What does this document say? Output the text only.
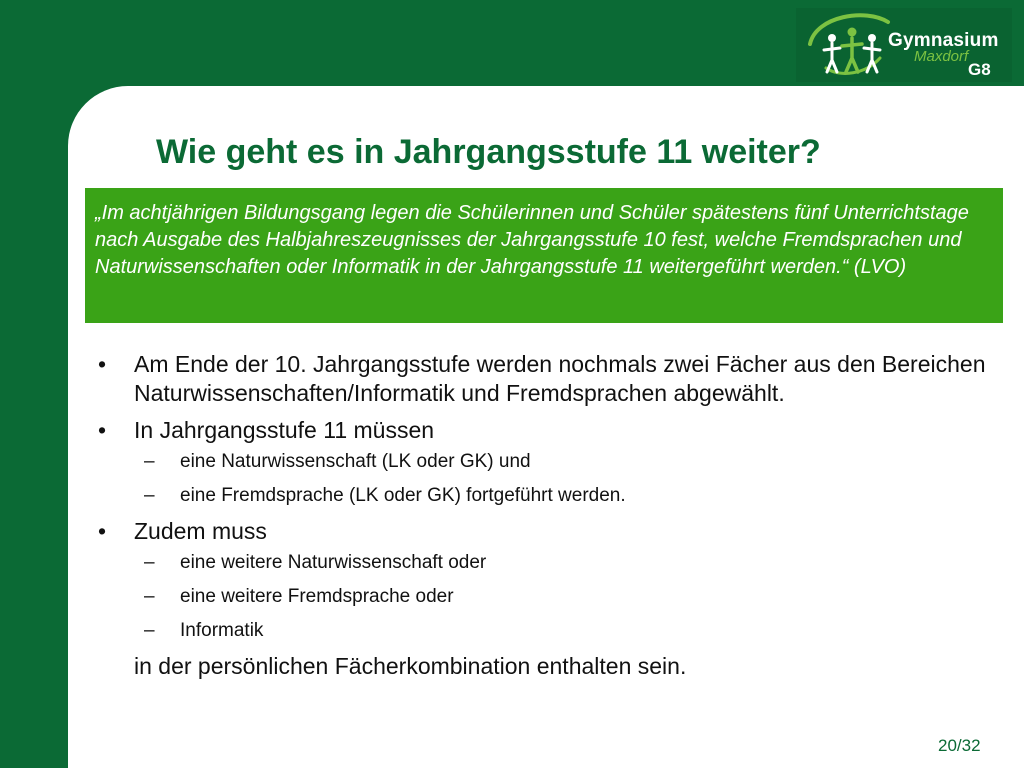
Gymnasium
Maxdorf
G8
Wie geht es in Jahrgangsstufe 11 weiter?

„Im achtjährigen Bildungsgang legen die Schülerinnen und Schüler spätestens fünf Unterrichtstage nach Ausgabe des Halbjahreszeugnisses der Jahrgangsstufe 10 fest, welche Fremdsprachen und Naturwissenschaften oder Informatik in der Jahrgangsstufe 11 weitergeführt werden.“ (LVO)

• Am Ende der 10. Jahrgangsstufe werden nochmals zwei Fächer aus den Bereichen Naturwissenschaften/Informatik und Fremdsprachen abgewählt.
• In Jahrgangsstufe 11 müssen
– eine Naturwissenschaft (LK oder GK) und
– eine Fremdsprache (LK oder GK) fortgeführt werden.
• Zudem muss
– eine weitere Naturwissenschaft oder
– eine weitere Fremdsprache oder
– Informatik
in der persönlichen Fächerkombination enthalten sein.
20/32
